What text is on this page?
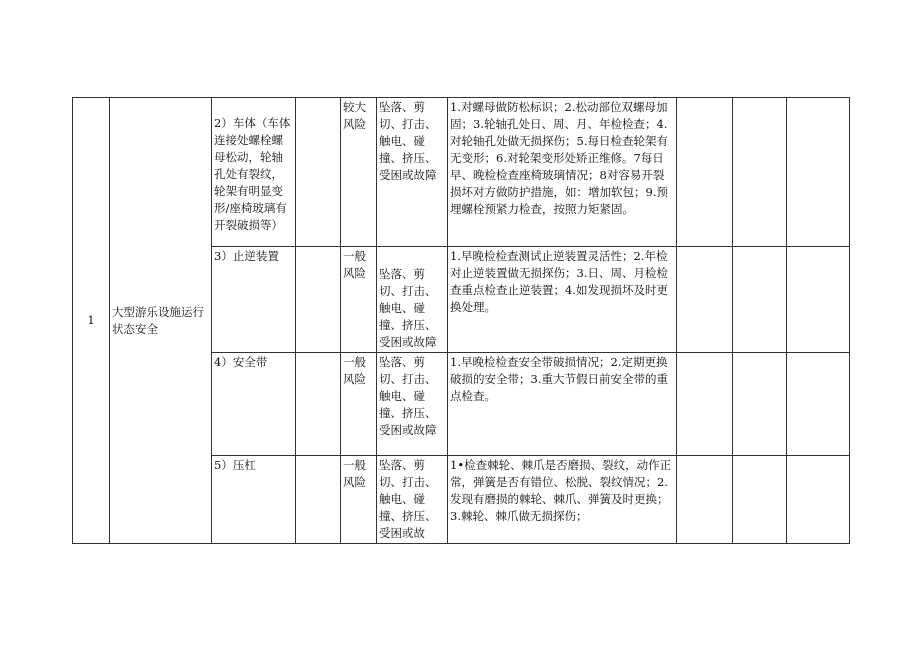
1	大型游乐设施运行状态安全	2）车体（车体连接处螺栓螺母松动，轮轴孔处有裂纹，轮架有明显变形/座椅玻璃有开裂破损等）		较大风险	坠落、剪切、打击、触电、碰撞、挤压、受困或故障	1.对螺母做防松标识；2.松动部位双螺母加固；3.轮轴孔处日、周、月、年检检查；4.对轮轴孔处做无损探伤；5.每日检查轮架有无变形；6.对轮架变形处矫正维修。7每日早、晚检检查座椅玻璃情况；8对容易开裂损坏对方做防护措施，如：增加软包；9.预埋螺栓预紧力检查，按照力矩紧固。			
		3）止逆装置		一般风险	坠落、剪切、打击、触电、碰撞、挤压、受困或故障	1.早晚检检查测试止逆装置灵活性；2.年检对止逆装置做无损探伤；3.日、周、月检检查重点检查止逆装置；4.如发现损坏及时更换处理。			
		4）安全带		一般风险	坠落、剪切、打击、触电、碰撞、挤压、受困或故障	1.早晚检检查安全带破损情况；2.定期更换破损的安全带；3.重大节假日前安全带的重点检查。			
		5）压杠		一般风险	坠落、剪切、打击、触电、碰撞、挤压、受困或故	1•检查棘轮、棘爪是否磨损、裂纹，动作正常，弹簧是否有错位、松脱、裂纹情况；2.发现有磨损的棘轮、棘爪、弹簧及时更换；3.棘轮、棘爪做无损探伤；			
